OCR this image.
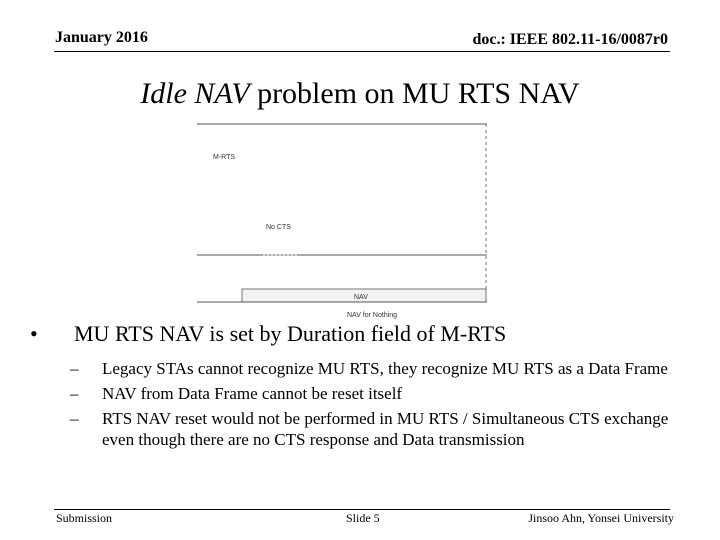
January 2016	doc.: IEEE 802.11-16/0087r0
Idle NAV problem on MU RTS NAV
M-RTS
No CTS
NAV
NAV for Nothing
• MU RTS NAV is set by Duration field of M-RTS
– Legacy STAs cannot recognize MU RTS, they recognize MU RTS as a Data Frame
– NAV from Data Frame cannot be reset itself
– RTS NAV reset would not be performed in MU RTS / Simultaneous CTS exchange even though there are no CTS response and Data transmission
Submission	Slide 5	Jinsoo Ahn, Yonsei University
